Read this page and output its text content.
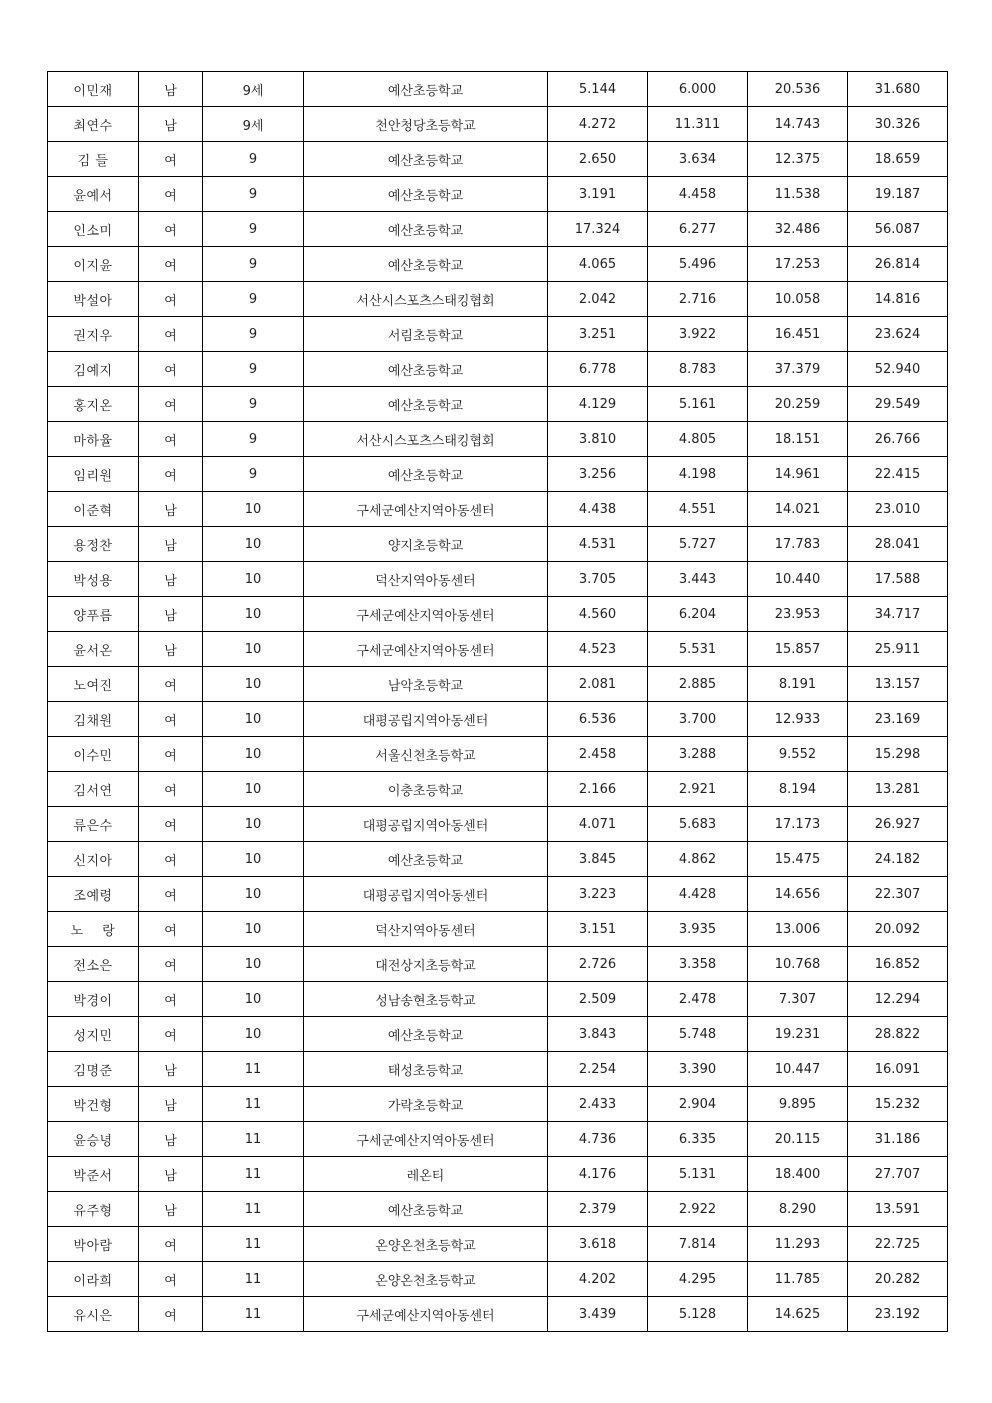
이민재	남	9세	예산초등학교	5.144	6.000	20.536	31.680
최연수	남	9세	천안청당초등학교	4.272	11.311	14.743	30.326
김 들	여	9	예산초등학교	2.650	3.634	12.375	18.659
윤예서	여	9	예산초등학교	3.191	4.458	11.538	19.187
인소미	여	9	예산초등학교	17.324	6.277	32.486	56.087
이지윤	여	9	예산초등학교	4.065	5.496	17.253	26.814
박설아	여	9	서산시스포츠스태킹협회	2.042	2.716	10.058	14.816
권지우	여	9	서림초등학교	3.251	3.922	16.451	23.624
김예지	여	9	예산초등학교	6.778	8.783	37.379	52.940
홍지온	여	9	예산초등학교	4.129	5.161	20.259	29.549
마하율	여	9	서산시스포츠스태킹협회	3.810	4.805	18.151	26.766
임리원	여	9	예산초등학교	3.256	4.198	14.961	22.415
이준혁	남	10	구세군예산지역아동센터	4.438	4.551	14.021	23.010
용정찬	남	10	양지초등학교	4.531	5.727	17.783	28.041
박성용	남	10	덕산지역아동센터	3.705	3.443	10.440	17.588
양푸름	남	10	구세군예산지역아동센터	4.560	6.204	23.953	34.717
윤서온	남	10	구세군예산지역아동센터	4.523	5.531	15.857	25.911
노여진	여	10	남악초등학교	2.081	2.885	8.191	13.157
김채원	여	10	대평공립지역아동센터	6.536	3.700	12.933	23.169
이수민	여	10	서울신천초등학교	2.458	3.288	9.552	15.298
김서연	여	10	이충초등학교	2.166	2.921	8.194	13.281
류은수	여	10	대평공립지역아동센터	4.071	5.683	17.173	26.927
신지아	여	10	예산초등학교	3.845	4.862	15.475	24.182
조예령	여	10	대평공립지역아동센터	3.223	4.428	14.656	22.307
노    랑	여	10	덕산지역아동센터	3.151	3.935	13.006	20.092
전소은	여	10	대전상지초등학교	2.726	3.358	10.768	16.852
박경이	여	10	성남송현초등학교	2.509	2.478	7.307	12.294
성지민	여	10	예산초등학교	3.843	5.748	19.231	28.822
김명준	남	11	태성초등학교	2.254	3.390	10.447	16.091
박건형	남	11	가락초등학교	2.433	2.904	9.895	15.232
윤승녕	남	11	구세군예산지역아동센터	4.736	6.335	20.115	31.186
박준서	남	11	레온티	4.176	5.131	18.400	27.707
유주형	남	11	예산초등학교	2.379	2.922	8.290	13.591
박아람	여	11	온양온천초등학교	3.618	7.814	11.293	22.725
이라희	여	11	온양온천초등학교	4.202	4.295	11.785	20.282
유시은	여	11	구세군예산지역아동센터	3.439	5.128	14.625	23.192
